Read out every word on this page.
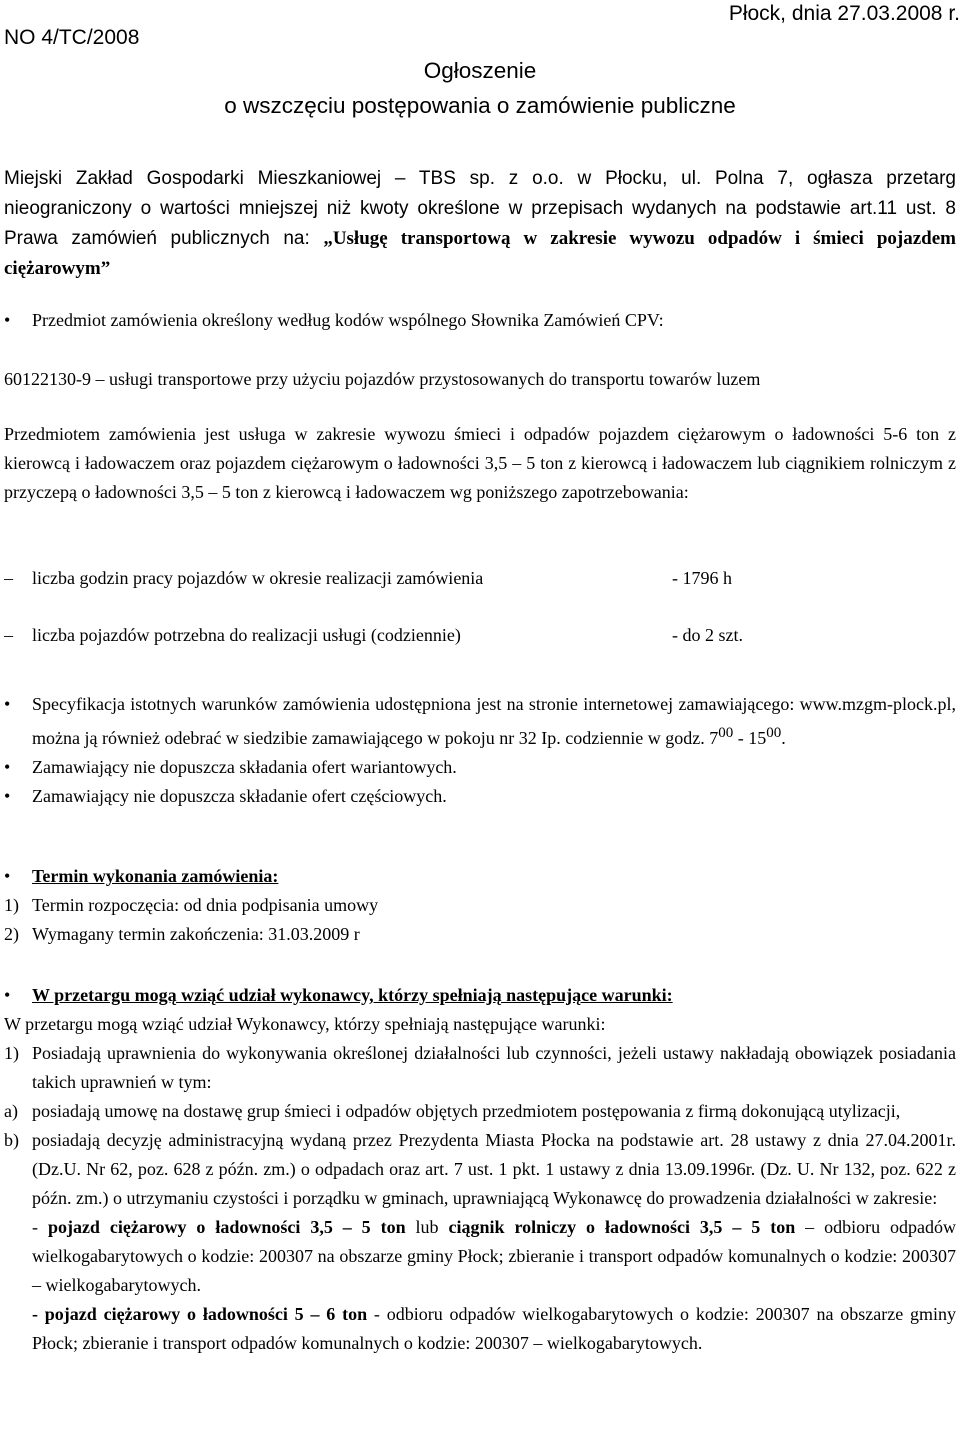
NO 4/TC/2008
Płock, dnia 27.03.2008 r.
Ogłoszenie
o wszczęciu postępowania o zamówienie publiczne
Miejski Zakład Gospodarki Mieszkaniowej – TBS sp. z o.o. w Płocku, ul. Polna 7, ogłasza przetarg nieograniczony o wartości mniejszej niż kwoty określone w przepisach wydanych na podstawie art.11 ust. 8 Prawa zamówień publicznych na: „Usługę transportową w zakresie wywozu odpadów i śmieci pojazdem ciężarowym”
•	Przedmiot zamówienia określony według kodów wspólnego Słownika Zamówień CPV:
60122130-9 – usługi transportowe przy użyciu pojazdów przystosowanych do transportu towarów luzem
Przedmiotem zamówienia jest usługa w zakresie wywozu śmieci i odpadów pojazdem ciężarowym o ładowności 5-6 ton z kierowcą i ładowaczem oraz pojazdem ciężarowym o ładowności 3,5 – 5 ton z kierowcą i ładowaczem lub ciągnikiem rolniczym z przyczepą o ładowności 3,5 – 5 ton z kierowcą i ładowaczem wg poniższego zapotrzebowania:
–	liczba godzin pracy pojazdów w okresie realizacji zamówienia	- 1796 h
–	liczba pojazdów potrzebna do realizacji usługi (codziennie)	- do 2 szt.
•	Specyfikacja istotnych warunków zamówienia udostępniona jest na stronie internetowej zamawiającego: www.mzgm-plock.pl, można ją również odebrać w siedzibie zamawiającego w pokoju nr 32 Ip. codziennie w godz. $7^{00} - 15^{00}$.
•	Zamawiający nie dopuszcza składania ofert wariantowych.
•	Zamawiający nie dopuszcza składanie ofert częściowych.
•	Termin wykonania zamówienia:
1) Termin rozpoczęcia: od dnia podpisania umowy
2) Wymagany termin zakończenia: 31.03.2009 r
•	W przetargu mogą wziąć udział wykonawcy, którzy spełniają następujące warunki:
W przetargu mogą wziąć udział Wykonawcy, którzy spełniają następujące warunki:
1) Posiadają uprawnienia do wykonywania określonej działalności lub czynności, jeżeli ustawy nakładają obowiązek posiadania takich uprawnień w tym:
a) posiadają umowę na dostawę grup śmieci i odpadów objętych przedmiotem postępowania z firmą dokonującą utylizacji,
b) posiadają decyzję administracyjną wydaną przez Prezydenta Miasta Płocka na podstawie art. 28 ustawy z dnia 27.04.2001r. (Dz.U. Nr 62, poz. 628 z późn. zm.) o odpadach oraz art. 7 ust. 1 pkt. 1 ustawy z dnia 13.09.1996r. (Dz. U. Nr 132, poz. 622 z późn. zm.) o utrzymaniu czystości i porządku w gminach, uprawniającą Wykonawcę do prowadzenia działalności w zakresie:
- pojazd ciężarowy o ładowności 3,5 – 5 ton lub ciągnik rolniczy o ładowności 3,5 – 5 ton – odbioru odpadów wielkogabarytowych o kodzie: 200307 na obszarze gminy Płock; zbieranie i transport odpadów komunalnych o kodzie: 200307 – wielkogabarytowych.
- pojazd ciężarowy o ładowności 5 – 6 ton - odbioru odpadów wielkogabarytowych o kodzie: 200307 na obszarze gminy Płock; zbieranie i transport odpadów komunalnych o kodzie: 200307 – wielkogabarytowych.
